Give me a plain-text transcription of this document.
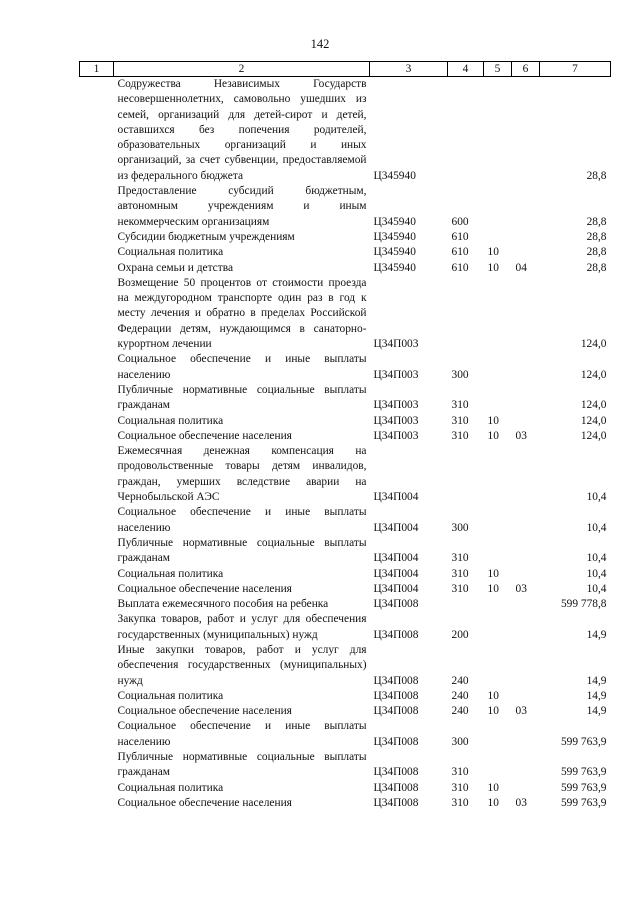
142
1	2	3	4	5	6	7
	Содружества Независимых Государств несовершеннолетних, самовольно ушедших из семей, организаций для детей-сирот и детей, оставшихся без попечения родителей, образовательных организаций и иных организаций, за счет субвенции, предоставляемой из федерального бюджета	Ц345940				28,8
	Предоставление субсидий бюджетным, автономным учреждениям и иным некоммерческим организациям	Ц345940	600			28,8
	Субсидии бюджетным учреждениям	Ц345940	610			28,8
	Социальная политика	Ц345940	610	10		28,8
	Охрана семьи и детства	Ц345940	610	10	04	28,8
	Возмещение 50 процентов от стоимости проезда на междугородном транспорте один раз в год к месту лечения и обратно в пределах Российской Федерации детям, нуждающимся в санаторно-курортном лечении	Ц34П003				124,0
	Социальное обеспечение и иные выплаты населению	Ц34П003	300			124,0
	Публичные нормативные социальные выплаты гражданам	Ц34П003	310			124,0
	Социальная политика	Ц34П003	310	10		124,0
	Социальное обеспечение населения	Ц34П003	310	10	03	124,0
	Ежемесячная денежная компенсация на продовольственные товары детям инвалидов, граждан, умерших вследствие аварии на Чернобыльской АЭС	Ц34П004				10,4
	Социальное обеспечение и иные выплаты населению	Ц34П004	300			10,4
	Публичные нормативные социальные выплаты гражданам	Ц34П004	310			10,4
	Социальная политика	Ц34П004	310	10		10,4
	Социальное обеспечение населения	Ц34П004	310	10	03	10,4
	Выплата ежемесячного пособия на ребенка	Ц34П008				599 778,8
	Закупка товаров, работ и услуг для обеспечения государственных (муниципальных) нужд	Ц34П008	200			14,9
	Иные закупки товаров, работ и услуг для обеспечения государственных (муниципальных) нужд	Ц34П008	240			14,9
	Социальная политика	Ц34П008	240	10		14,9
	Социальное обеспечение населения	Ц34П008	240	10	03	14,9
	Социальное обеспечение и иные выплаты населению	Ц34П008	300			599 763,9
	Публичные нормативные социальные выплаты гражданам	Ц34П008	310			599 763,9
	Социальная политика	Ц34П008	310	10		599 763,9
	Социальное обеспечение населения	Ц34П008	310	10	03	599 763,9
